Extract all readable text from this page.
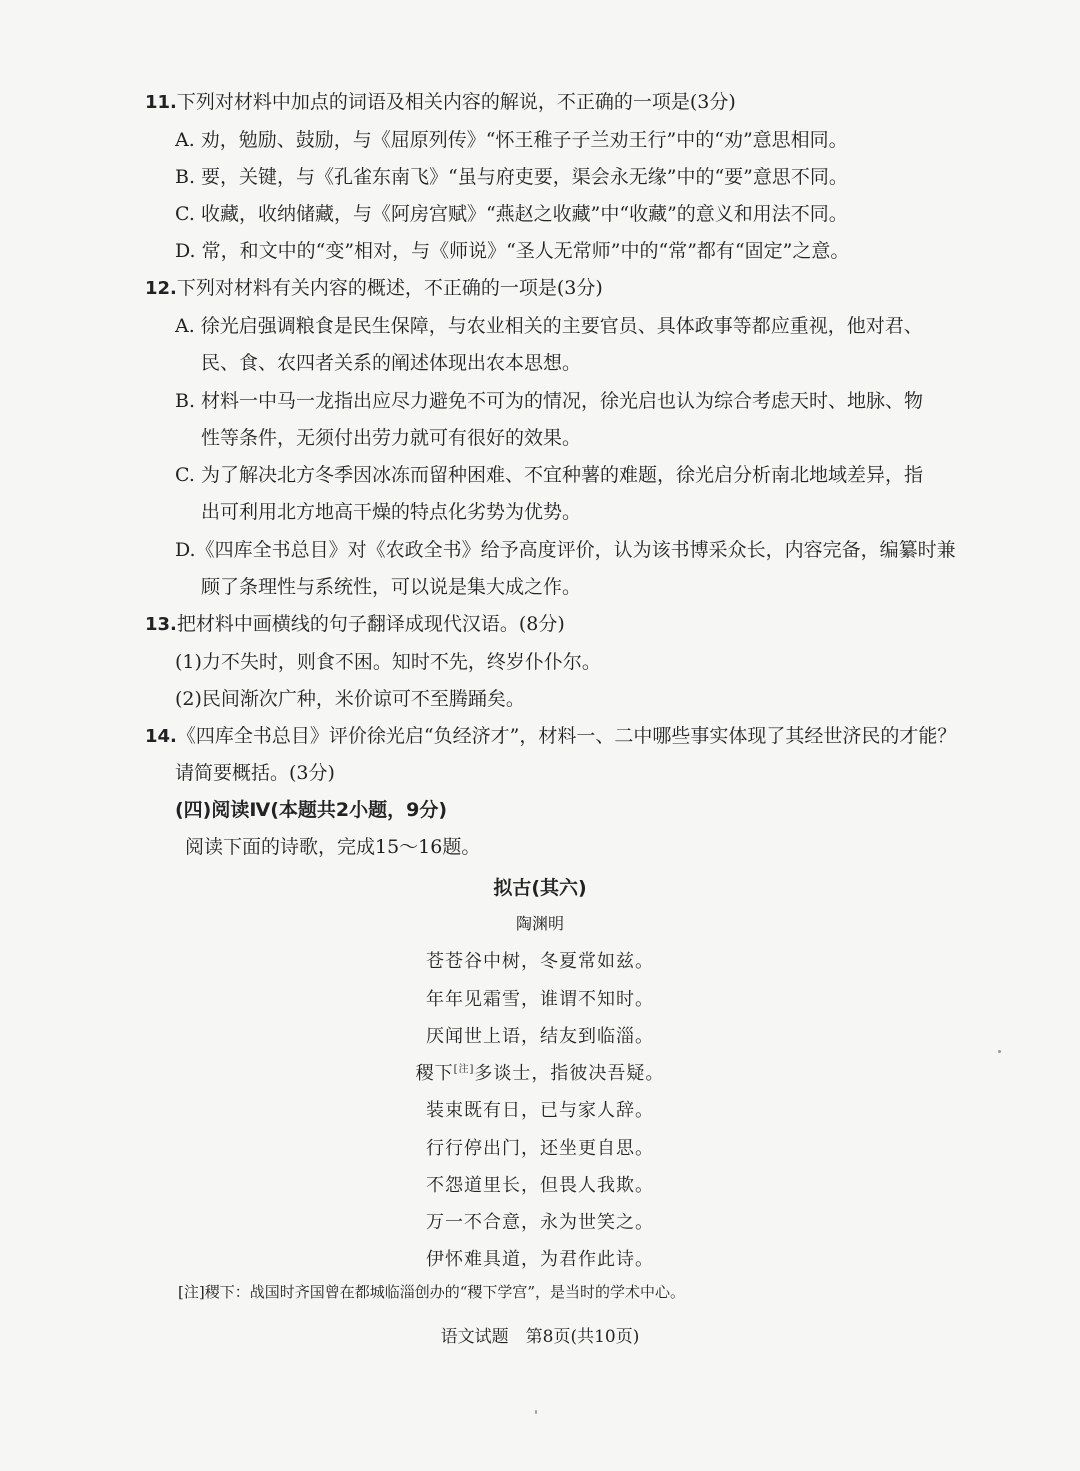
11.下列对材料中加点的词语及相关内容的解说，不正确的一项是(3分)
A. 劝，勉励、鼓励，与《屈原列传》“怀王稚子子兰劝王行”中的“劝”意思相同。
B. 要，关键，与《孔雀东南飞》“虽与府吏要，渠会永无缘”中的“要”意思不同。
C. 收藏，收纳储藏，与《阿房宫赋》“燕赵之收藏”中“收藏”的意义和用法不同。
D. 常，和文中的“变”相对，与《师说》“圣人无常师”中的“常”都有“固定”之意。
12.下列对材料有关内容的概述，不正确的一项是(3分)
A. 徐光启强调粮食是民生保障，与农业相关的主要官员、具体政事等都应重视，他对君、
民、食、农四者关系的阐述体现出农本思想。
B. 材料一中马一龙指出应尽力避免不可为的情况，徐光启也认为综合考虑天时、地脉、物
性等条件，无须付出劳力就可有很好的效果。
C. 为了解决北方冬季因冰冻而留种困难、不宜种薯的难题，徐光启分析南北地域差异，指
出可利用北方地高干燥的特点化劣势为优势。
D.《四库全书总目》对《农政全书》给予高度评价，认为该书博采众长，内容完备，编纂时兼
顾了条理性与系统性，可以说是集大成之作。
13.把材料中画横线的句子翻译成现代汉语。(8分)
(1)力不失时，则食不困。知时不先，终岁仆仆尔。
(2)民间渐次广种，米价谅可不至腾踊矣。
14.《四库全书总目》评价徐光启“负经济才”，材料一、二中哪些事实体现了其经世济民的才能？
请简要概括。(3分)
(四)阅读Ⅳ(本题共2小题，9分)
阅读下面的诗歌，完成15～16题。
拟古(其六)
陶渊明
苍苍谷中树，冬夏常如兹。
年年见霜雪，谁谓不知时。
厌闻世上语，结友到临淄。
稷下[注]多谈士，指彼决吾疑。
装束既有日，已与家人辞。
行行停出门，还坐更自思。
不怨道里长，但畏人我欺。
万一不合意，永为世笑之。
伊怀难具道，为君作此诗。
[注]稷下：战国时齐国曾在都城临淄创办的“稷下学宫”，是当时的学术中心。
语文试题　第8页(共10页)
